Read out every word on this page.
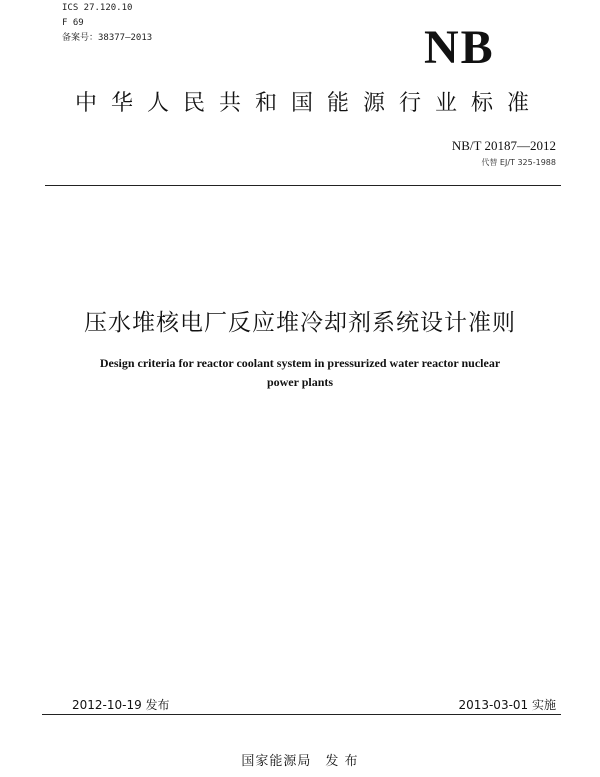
ICS 27.120.10
F 69
备案号：38377—2013	NB
中华人民共和国能源行业标准
NB/T 20187—2012
代替 EJ/T 325-1988
压水堆核电厂反应堆冷却剂系统设计准则
Design criteria for reactor coolant system in pressurized water reactor nuclear
power plants
2012-10-19 发布	2013-03-01 实施
国家能源局　发 布
